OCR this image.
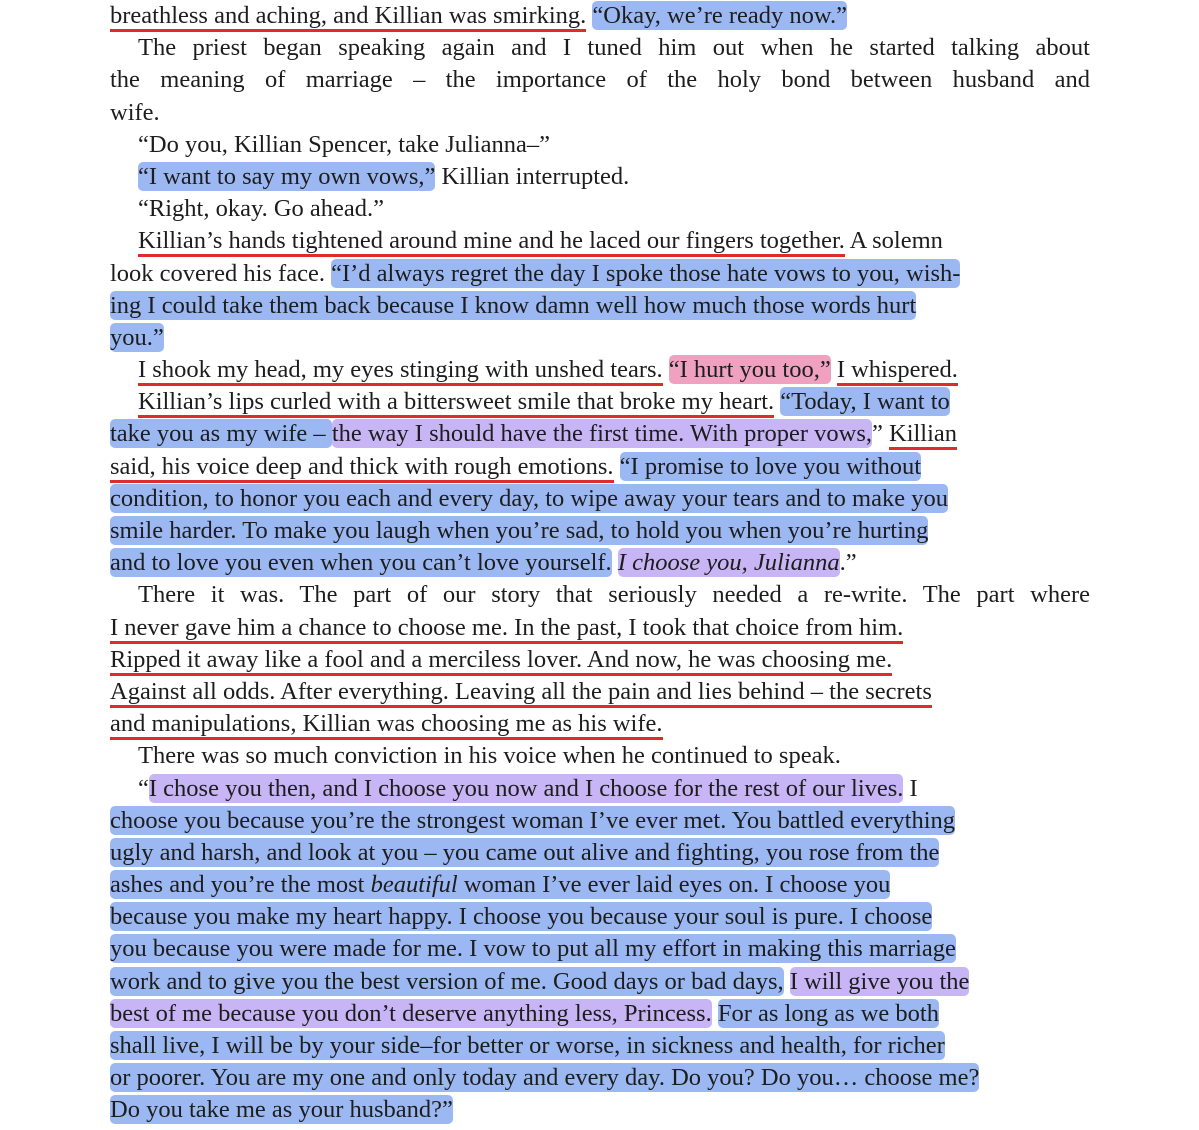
breathless and aching, and Killian was smirking. “Okay, we’re ready now.”
The priest began speaking again and I tuned him out when he started talking about
the meaning of marriage – the importance of the holy bond between husband and
wife.
“Do you, Killian Spencer, take Julianna–”
“I want to say my own vows,” Killian interrupted.
“Right, okay. Go ahead.”
Killian’s hands tightened around mine and he laced our fingers together. A solemn
look covered his face. “I’d always regret the day I spoke those hate vows to you, wish-
ing I could take them back because I know damn well how much those words hurt
you.”
I shook my head, my eyes stinging with unshed tears. “I hurt you too,” I whispered.
Killian’s lips curled with a bittersweet smile that broke my heart. “Today, I want to
take you as my wife – the way I should have the first time. With proper vows,” Killian
said, his voice deep and thick with rough emotions. “I promise to love you without
condition, to honor you each and every day, to wipe away your tears and to make you
smile harder. To make you laugh when you’re sad, to hold you when you’re hurting
and to love you even when you can’t love yourself. I choose you, Julianna.”
There it was. The part of our story that seriously needed a re-write. The part where
I never gave him a chance to choose me. In the past, I took that choice from him.
Ripped it away like a fool and a merciless lover. And now, he was choosing me.
Against all odds. After everything. Leaving all the pain and lies behind – the secrets
and manipulations, Killian was choosing me as his wife.
There was so much conviction in his voice when he continued to speak.
“I chose you then, and I choose you now and I choose for the rest of our lives. I
choose you because you’re the strongest woman I’ve ever met. You battled everything
ugly and harsh, and look at you – you came out alive and fighting, you rose from the
ashes and you’re the most beautiful woman I’ve ever laid eyes on. I choose you
because you make my heart happy. I choose you because your soul is pure. I choose
you because you were made for me. I vow to put all my effort in making this marriage
work and to give you the best version of me. Good days or bad days, I will give you the
best of me because you don’t deserve anything less, Princess. For as long as we both
shall live, I will be by your side–for better or worse, in sickness and health, for richer
or poorer. You are my one and only today and every day. Do you? Do you… choose me?
Do you take me as your husband?”
